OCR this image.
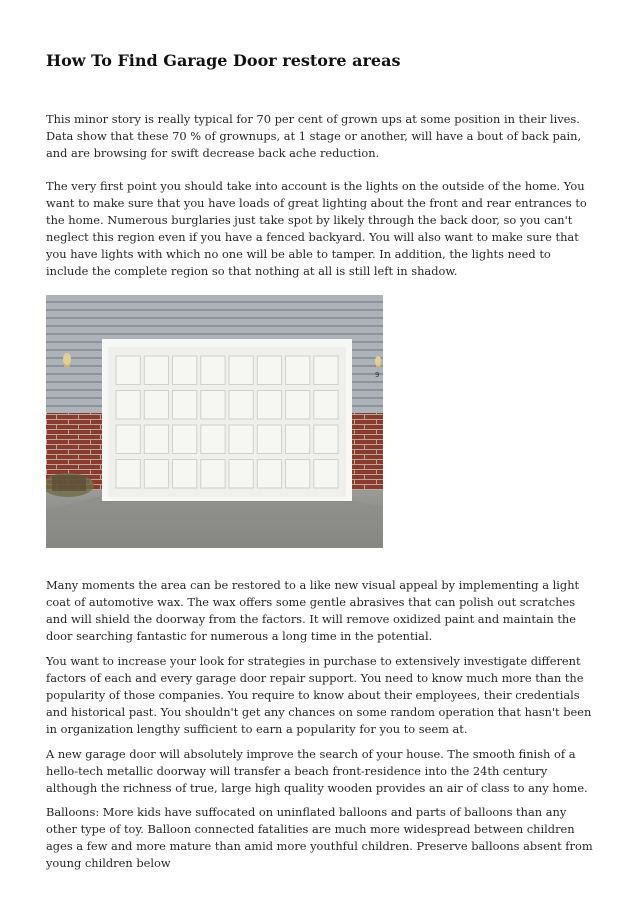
How To Find Garage Door restore areas

This minor story is really typical for 70 per cent of grown ups at some position in their lives. Data show that these 70 % of grownups, at 1 stage or another, will have a bout of back pain, and are browsing for swift decrease back ache reduction.

The very first point you should take into account is the lights on the outside of the home. You want to make sure that you have loads of great lighting about the front and rear entrances to the home. Numerous burglaries just take spot by likely through the back door, so you can't neglect this region even if you have a fenced backyard. You will also want to make sure that you have lights with which no one will be able to tamper. In addition, the lights need to include the complete region so that nothing at all is still left in shadow.

9

Many moments the area can be restored to a like new visual appeal by implementing a light coat of automotive wax. The wax offers some gentle abrasives that can polish out scratches and will shield the doorway from the factors. It will remove oxidized paint and maintain the door searching fantastic for numerous a long time in the potential.

You want to increase your look for strategies in purchase to extensively investigate different factors of each and every garage door repair support. You need to know much more than the popularity of those companies. You require to know about their employees, their credentials and historical past. You shouldn't get any chances on some random operation that hasn't been in organization lengthy sufficient to earn a popularity for you to seem at.

A new garage door will absolutely improve the search of your house. The smooth finish of a hello-tech metallic doorway will transfer a beach front-residence into the 24th century although the richness of true, large high quality wooden provides an air of class to any home.

Balloons: More kids have suffocated on uninflated balloons and parts of balloons than any other type of toy. Balloon connected fatalities are much more widespread between children ages a few and more mature than amid more youthful children. Preserve balloons absent from young children below
